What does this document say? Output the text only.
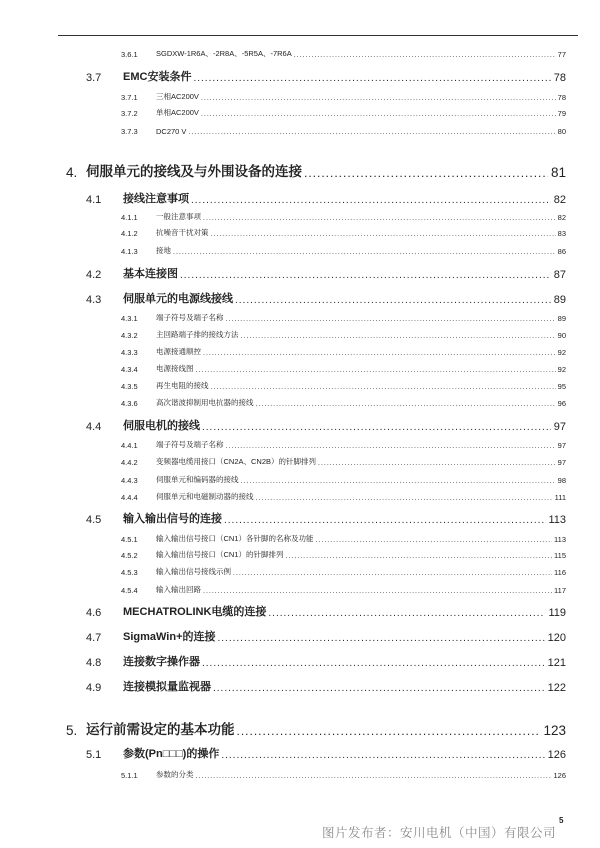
3.6.1	SGDXW-1R6A、-2R8A、-5R5A、-7R6A .....	77
3.7	EMC安装条件 .....	78
3.7.1	三相AC200V .....	78
3.7.2	单相AC200V .....	79
3.7.3	DC270 V .....	80
4. 伺服单元的接线及与外围设备的连接 .....	81
4.1	接线注意事项 .....	82
4.1.1	一般注意事项 .....	82
4.1.2	抗噪音干扰对策 .....	83
4.1.3	接地 .....	86
4.2	基本连接图 .....	87
4.3	伺服单元的电源线接线 .....	89
4.3.1	端子符号及端子名称 .....	89
4.3.2	主回路端子排的接线方法 .....	90
4.3.3	电源接通顺控 .....	92
4.3.4	电源接线图 .....	92
4.3.5	再生电阻的接线 .....	95
4.3.6	高次谐波抑制用电抗器的接线 .....	96
4.4	伺服电机的接线 .....	97
4.4.1	端子符号及端子名称 .....	97
4.4.2	变频器电缆用接口（CN2A、CN2B）的针脚排列 .....	97
4.4.3	伺服单元和编码器的接线 .....	98
4.4.4	伺服单元和电磁制动器的接线 .....	111
4.5	输入输出信号的连接 .....	113
4.5.1	输入输出信号接口（CN1）各针脚的名称及功能 .....	113
4.5.2	输入输出信号接口（CN1）的针脚排列 .....	115
4.5.3	输入输出信号接线示例 .....	116
4.5.4	输入输出回路 .....	117
4.6	MECHATROLINK电缆的连接 .....	119
4.7	SigmaWin+的连接 .....	120
4.8	连接数字操作器 .....	121
4.9	连接模拟量监视器 .....	122
5. 运行前需设定的基本功能 .....	123
5.1	参数(Pn□□□)的操作 .....	126
5.1.1	参数的分类 .....	126
5
图片发布者：安川电机（中国）有限公司
